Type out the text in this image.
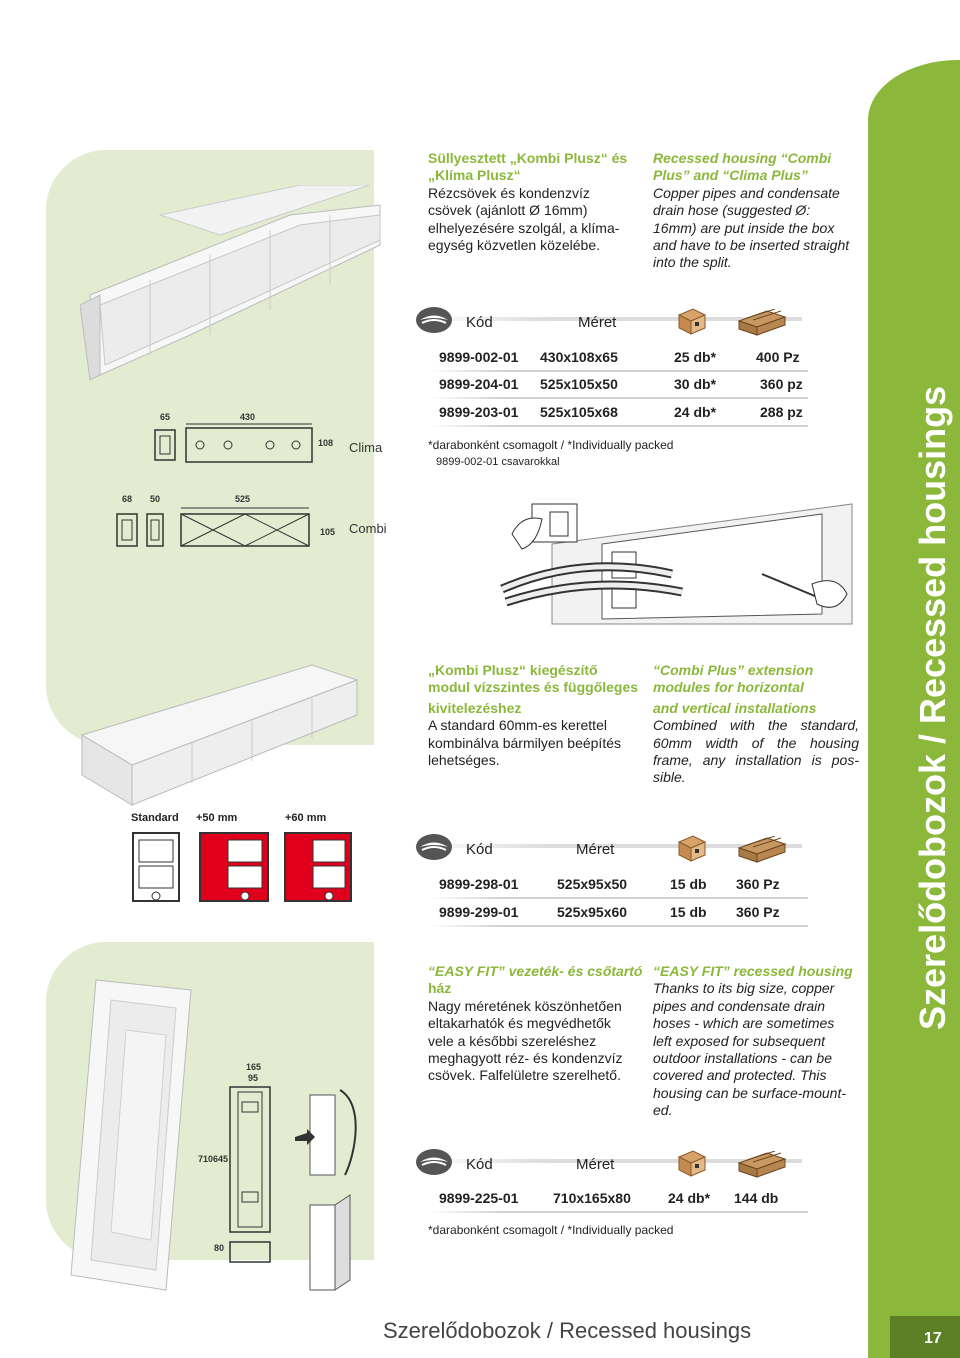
Szerelődobozok / Recessed housings
17
65	430
108 Clima
68 50	525
105 Combi
Standard +50 mm	+60 mm
165
95
710 645
80
Süllyesztett „Kombi Plusz“ és
„Klíma Plusz“
Rézcsövek és kondenzvíz
csövek (ajánlott Ø 16mm)
elhelyezésére szolgál, a klíma-
egység közvetlen közelébe.
Recessed housing “Combi
Plus” and “Clima Plus”
Copper pipes and condensate
drain hose (suggested Ø:
16mm) are put inside the box
and have to be inserted straight
into the split.
Kód	Méret
9899-002-01 430x108x65	25 db*	400 Pz
9899-204-01 525x105x50	30 db*	360 pz
9899-203-01 525x105x68	24 db*	288 pz
*darabonként csomagolt / *Individually packed
9899-002-01 csavarokkal
„Kombi Plusz“ kiegészítő
modul vízszintes és függőleges
kivitelezéshez
A standard 60mm-es kerettel
kombinálva bármilyen beépítés
lehetséges.
“Combi Plus” extension
modules for horizontal
and vertical installations
Combined with the standard,
60mm width of the housing
frame, any installation is pos-
sible.
Kód	Méret
9899-298-01	525x95x50	15 db 360 Pz
9899-299-01	525x95x60	15 db 360 Pz
“EASY FIT” vezeték- és csőtartó
ház
Nagy méretének köszönhetően
eltakarhatók és megvédhetők
vele a későbbi szereléshez
meghagyott réz- és kondenzvíz
csövek. Falfelületre szerelhető.
“EASY FIT” recessed housing
Thanks to its big size, copper
pipes and condensate drain
hoses - which are sometimes
left exposed for subsequent
outdoor installations - can be
covered and protected. This
housing can be surface-mount-
ed.
Kód	Méret
9899-225-01 710x165x80	24 db* 144 db
*darabonként csomagolt / *Individually packed
Szerelődobozok / Recessed housings
